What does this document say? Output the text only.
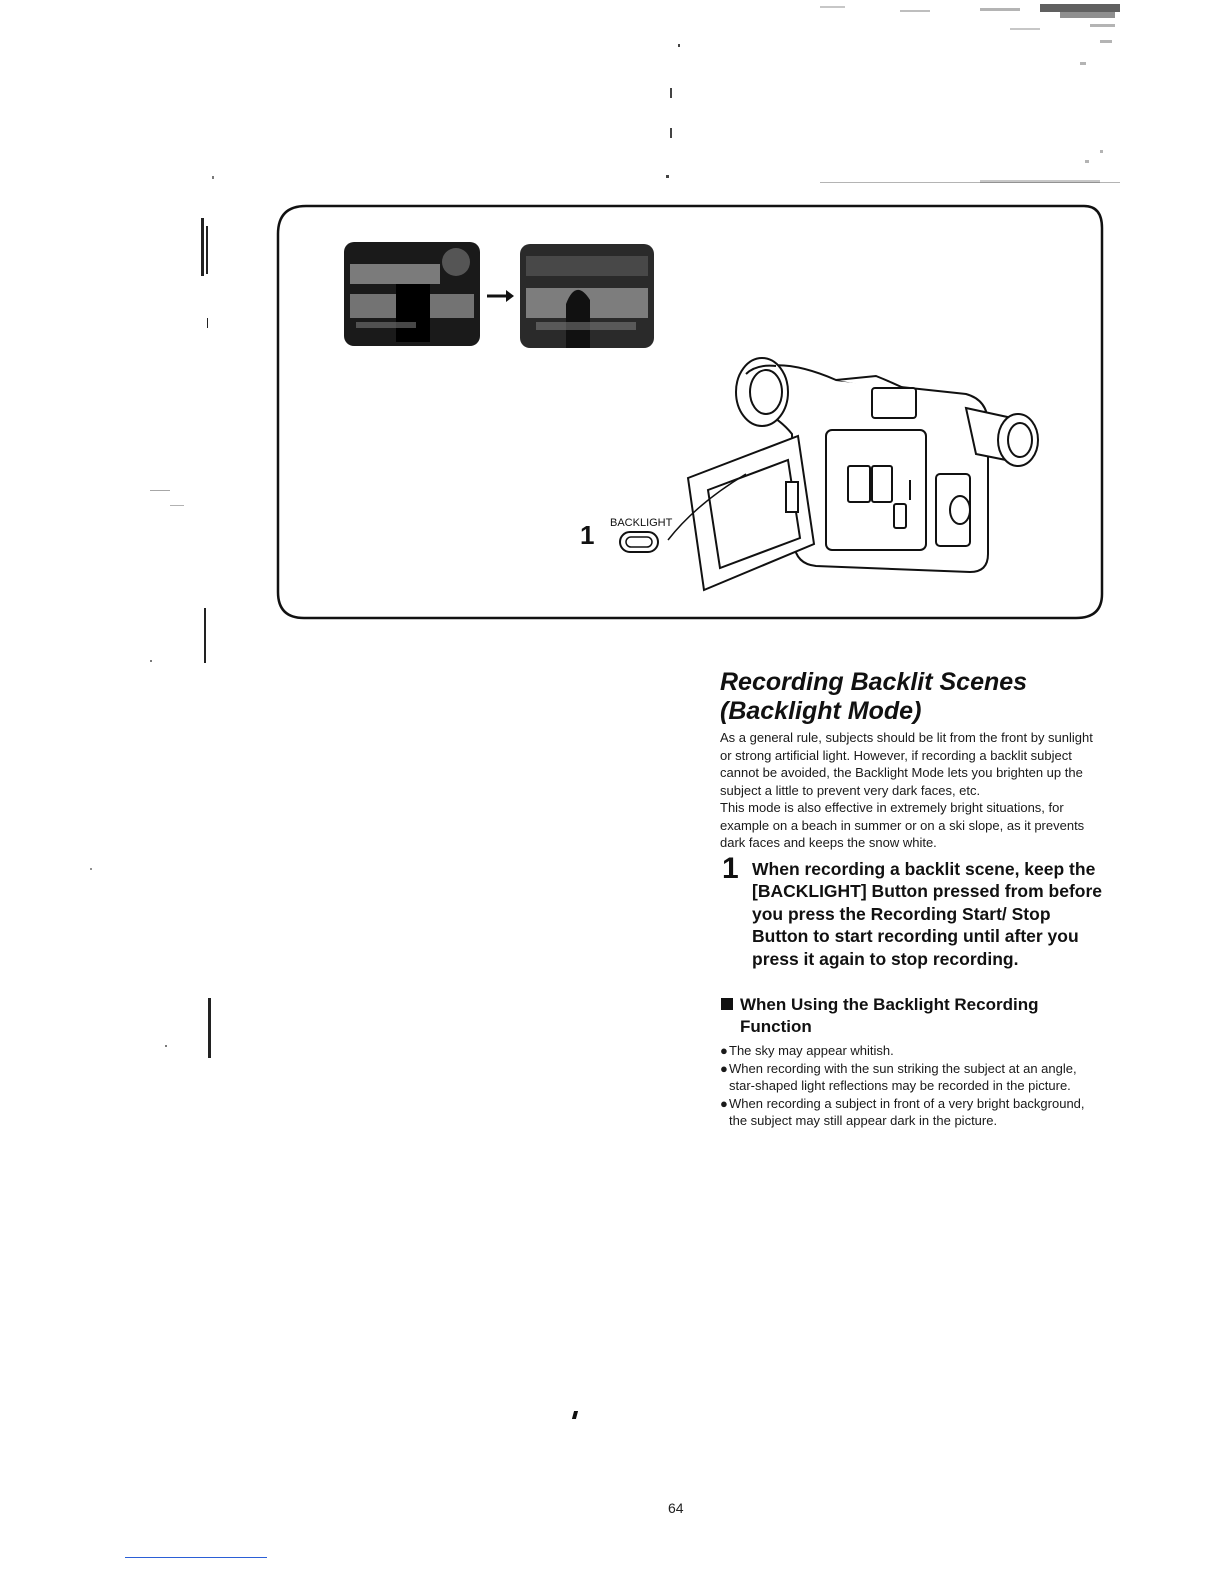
1 BACKLIGHT
Recording Backlit Scenes
(Backlight Mode)

As a general rule, subjects should be lit from the front by sunlight or strong artificial light. However, if recording a backlit subject cannot be avoided, the Backlight Mode lets you brighten up the subject a little to prevent very dark faces, etc.

This mode is also effective in extremely bright situations, for example on a beach in summer or on a ski slope, as it prevents dark faces and keeps the snow white.

1 When recording a backlit scene, keep the [BACKLIGHT] Button pressed from before you press the Recording Start/ Stop Button to start recording until after you press it again to stop recording.

When Using the Backlight Recording Function
● The sky may appear whitish.
● When recording with the sun striking the subject at an angle, star-shaped light reflections may be recorded in the picture.
● When recording a subject in front of a very bright background, the subject may still appear dark in the picture.
64
